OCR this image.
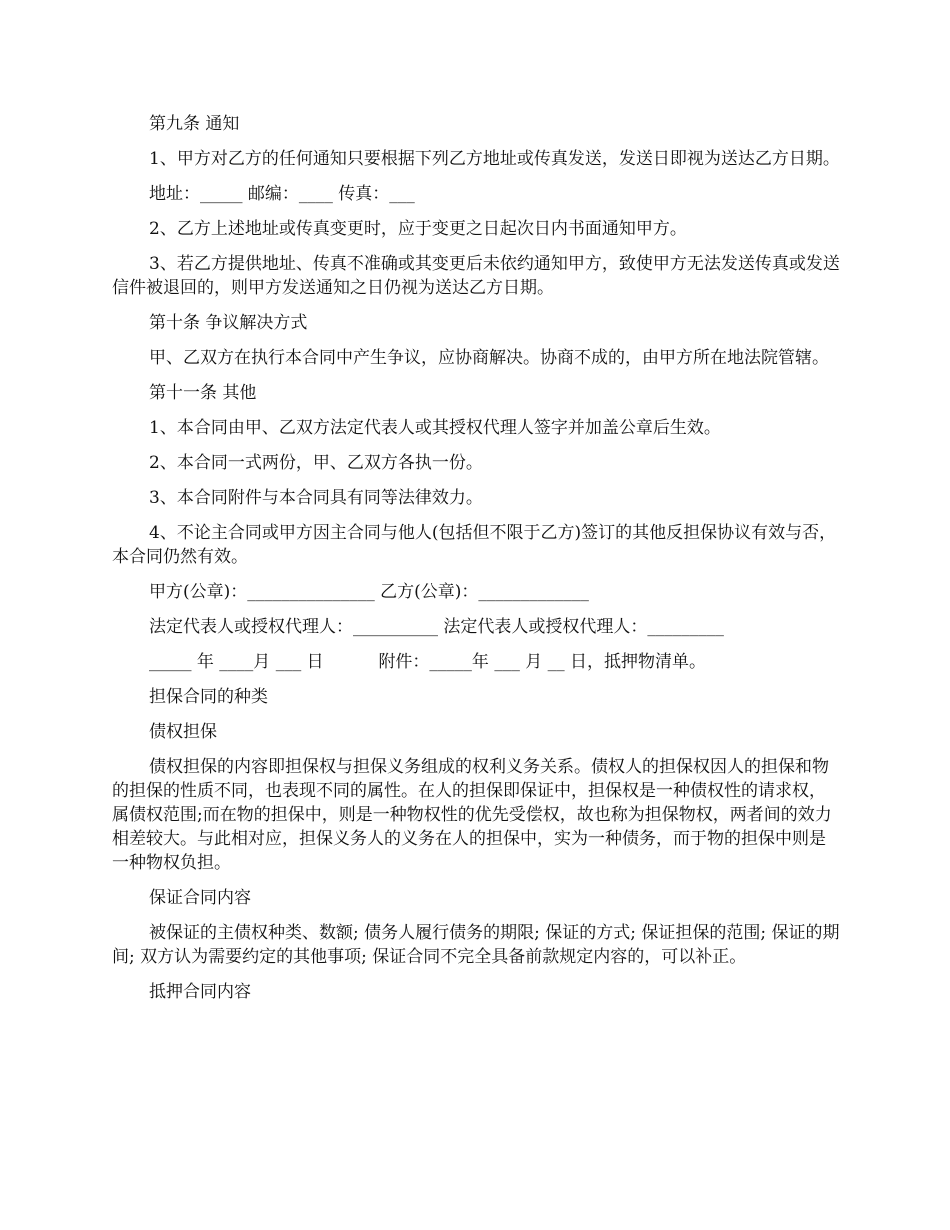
第九条 通知

1、甲方对乙方的任何通知只要根据下列乙方地址或传真发送，发送日即视为送达乙方日期。

地址：_____ 邮编：____ 传真：___

2、乙方上述地址或传真变更时，应于变更之日起次日内书面通知甲方。

3、若乙方提供地址、传真不准确或其变更后未依约通知甲方，致使甲方无法发送传真或发送信件被退回的，则甲方发送通知之日仍视为送达乙方日期。

第十条 争议解决方式

甲、乙双方在执行本合同中产生争议，应协商解决。协商不成的，由甲方所在地法院管辖。

第十一条 其他

1、本合同由甲、乙双方法定代表人或其授权代理人签字并加盖公章后生效。

2、本合同一式两份，甲、乙双方各执一份。

3、本合同附件与本合同具有同等法律效力。

4、不论主合同或甲方因主合同与他人(包括但不限于乙方)签订的其他反担保协议有效与否，本合同仍然有效。

甲方(公章)：_______________ 乙方(公章)：_____________

法定代表人或授权代理人：__________ 法定代表人或授权代理人：_________

_____ 年 ____月 ___ 日	附件：_____年 ___ 月 __ 日，抵押物清单。

担保合同的种类

债权担保

债权担保的内容即担保权与担保义务组成的权利义务关系。债权人的担保权因人的担保和物的担保的性质不同，也表现不同的属性。在人的担保即保证中，担保权是一种债权性的请求权，属债权范围;而在物的担保中，则是一种物权性的优先受偿权，故也称为担保物权，两者间的效力相差较大。与此相对应，担保义务人的义务在人的担保中，实为一种债务，而于物的担保中则是一种物权负担。

保证合同内容

被保证的主债权种类、数额; 债务人履行债务的期限; 保证的方式; 保证担保的范围; 保证的期间; 双方认为需要约定的其他事项; 保证合同不完全具备前款规定内容的，可以补正。

抵押合同内容
